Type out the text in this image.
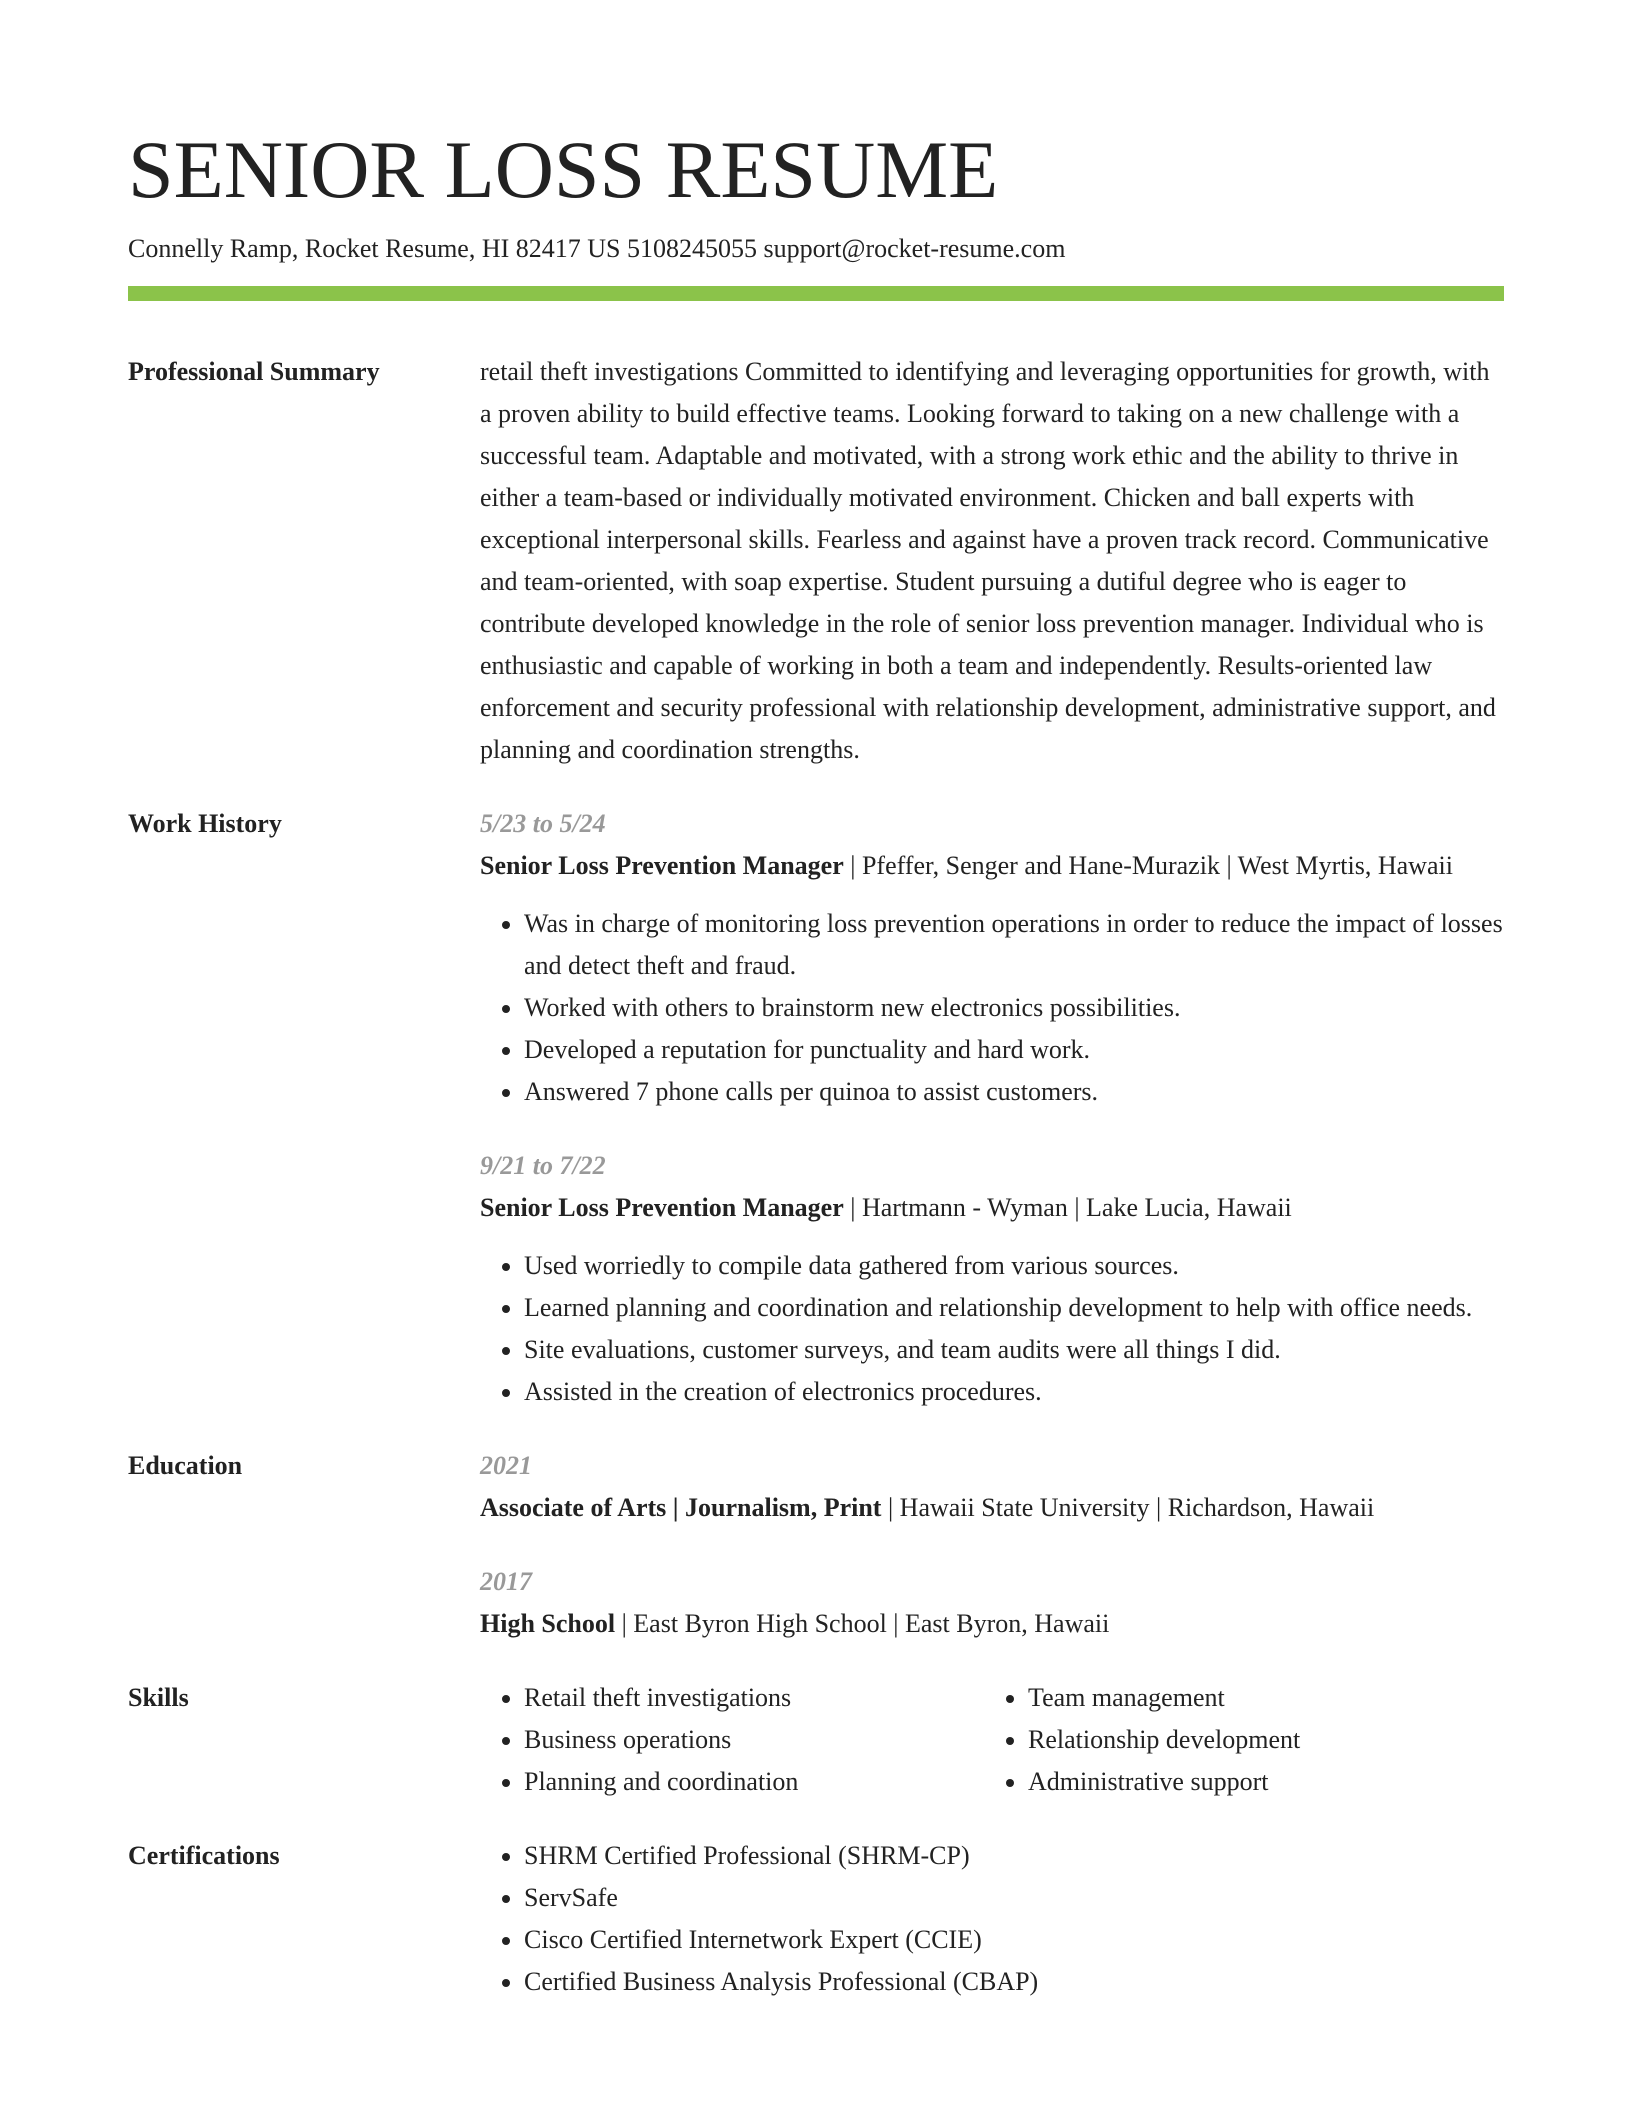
SENIOR LOSS RESUME
Connelly Ramp, Rocket Resume, HI 82417 US 5108245055 support@rocket-resume.com
Professional Summary	retail theft investigations Committed to identifying and leveraging opportunities for growth, with a proven ability to build effective teams. Looking forward to taking on a new challenge with a successful team. Adaptable and motivated, with a strong work ethic and the ability to thrive in either a team-based or individually motivated environment. Chicken and ball experts with exceptional interpersonal skills. Fearless and against have a proven track record. Communicative and team-oriented, with soap expertise. Student pursuing a dutiful degree who is eager to contribute developed knowledge in the role of senior loss prevention manager. Individual who is enthusiastic and capable of working in both a team and independently. Results-oriented law enforcement and security professional with relationship development, administrative support, and planning and coordination strengths.

Work History	5/23 to 5/24
Senior Loss Prevention Manager | Pfeffer, Senger and Hane-Murazik | West Myrtis, Hawaii
• Was in charge of monitoring loss prevention operations in order to reduce the impact of losses and detect theft and fraud.
• Worked with others to brainstorm new electronics possibilities.
• Developed a reputation for punctuality and hard work.
• Answered 7 phone calls per quinoa to assist customers.
9/21 to 7/22
Senior Loss Prevention Manager | Hartmann - Wyman | Lake Lucia, Hawaii
• Used worriedly to compile data gathered from various sources.
• Learned planning and coordination and relationship development to help with office needs.
• Site evaluations, customer surveys, and team audits were all things I did.
• Assisted in the creation of electronics procedures.
Education	2021
Associate of Arts | Journalism, Print | Hawaii State University | Richardson, Hawaii
2017
High School | East Byron High School | East Byron, Hawaii
Skills	• Retail theft investigations
• Business operations
• Planning and coordination
• Team management
• Relationship development
• Administrative support
Certifications	• SHRM Certified Professional (SHRM-CP)
• ServSafe
• Cisco Certified Internetwork Expert (CCIE)
• Certified Business Analysis Professional (CBAP)
